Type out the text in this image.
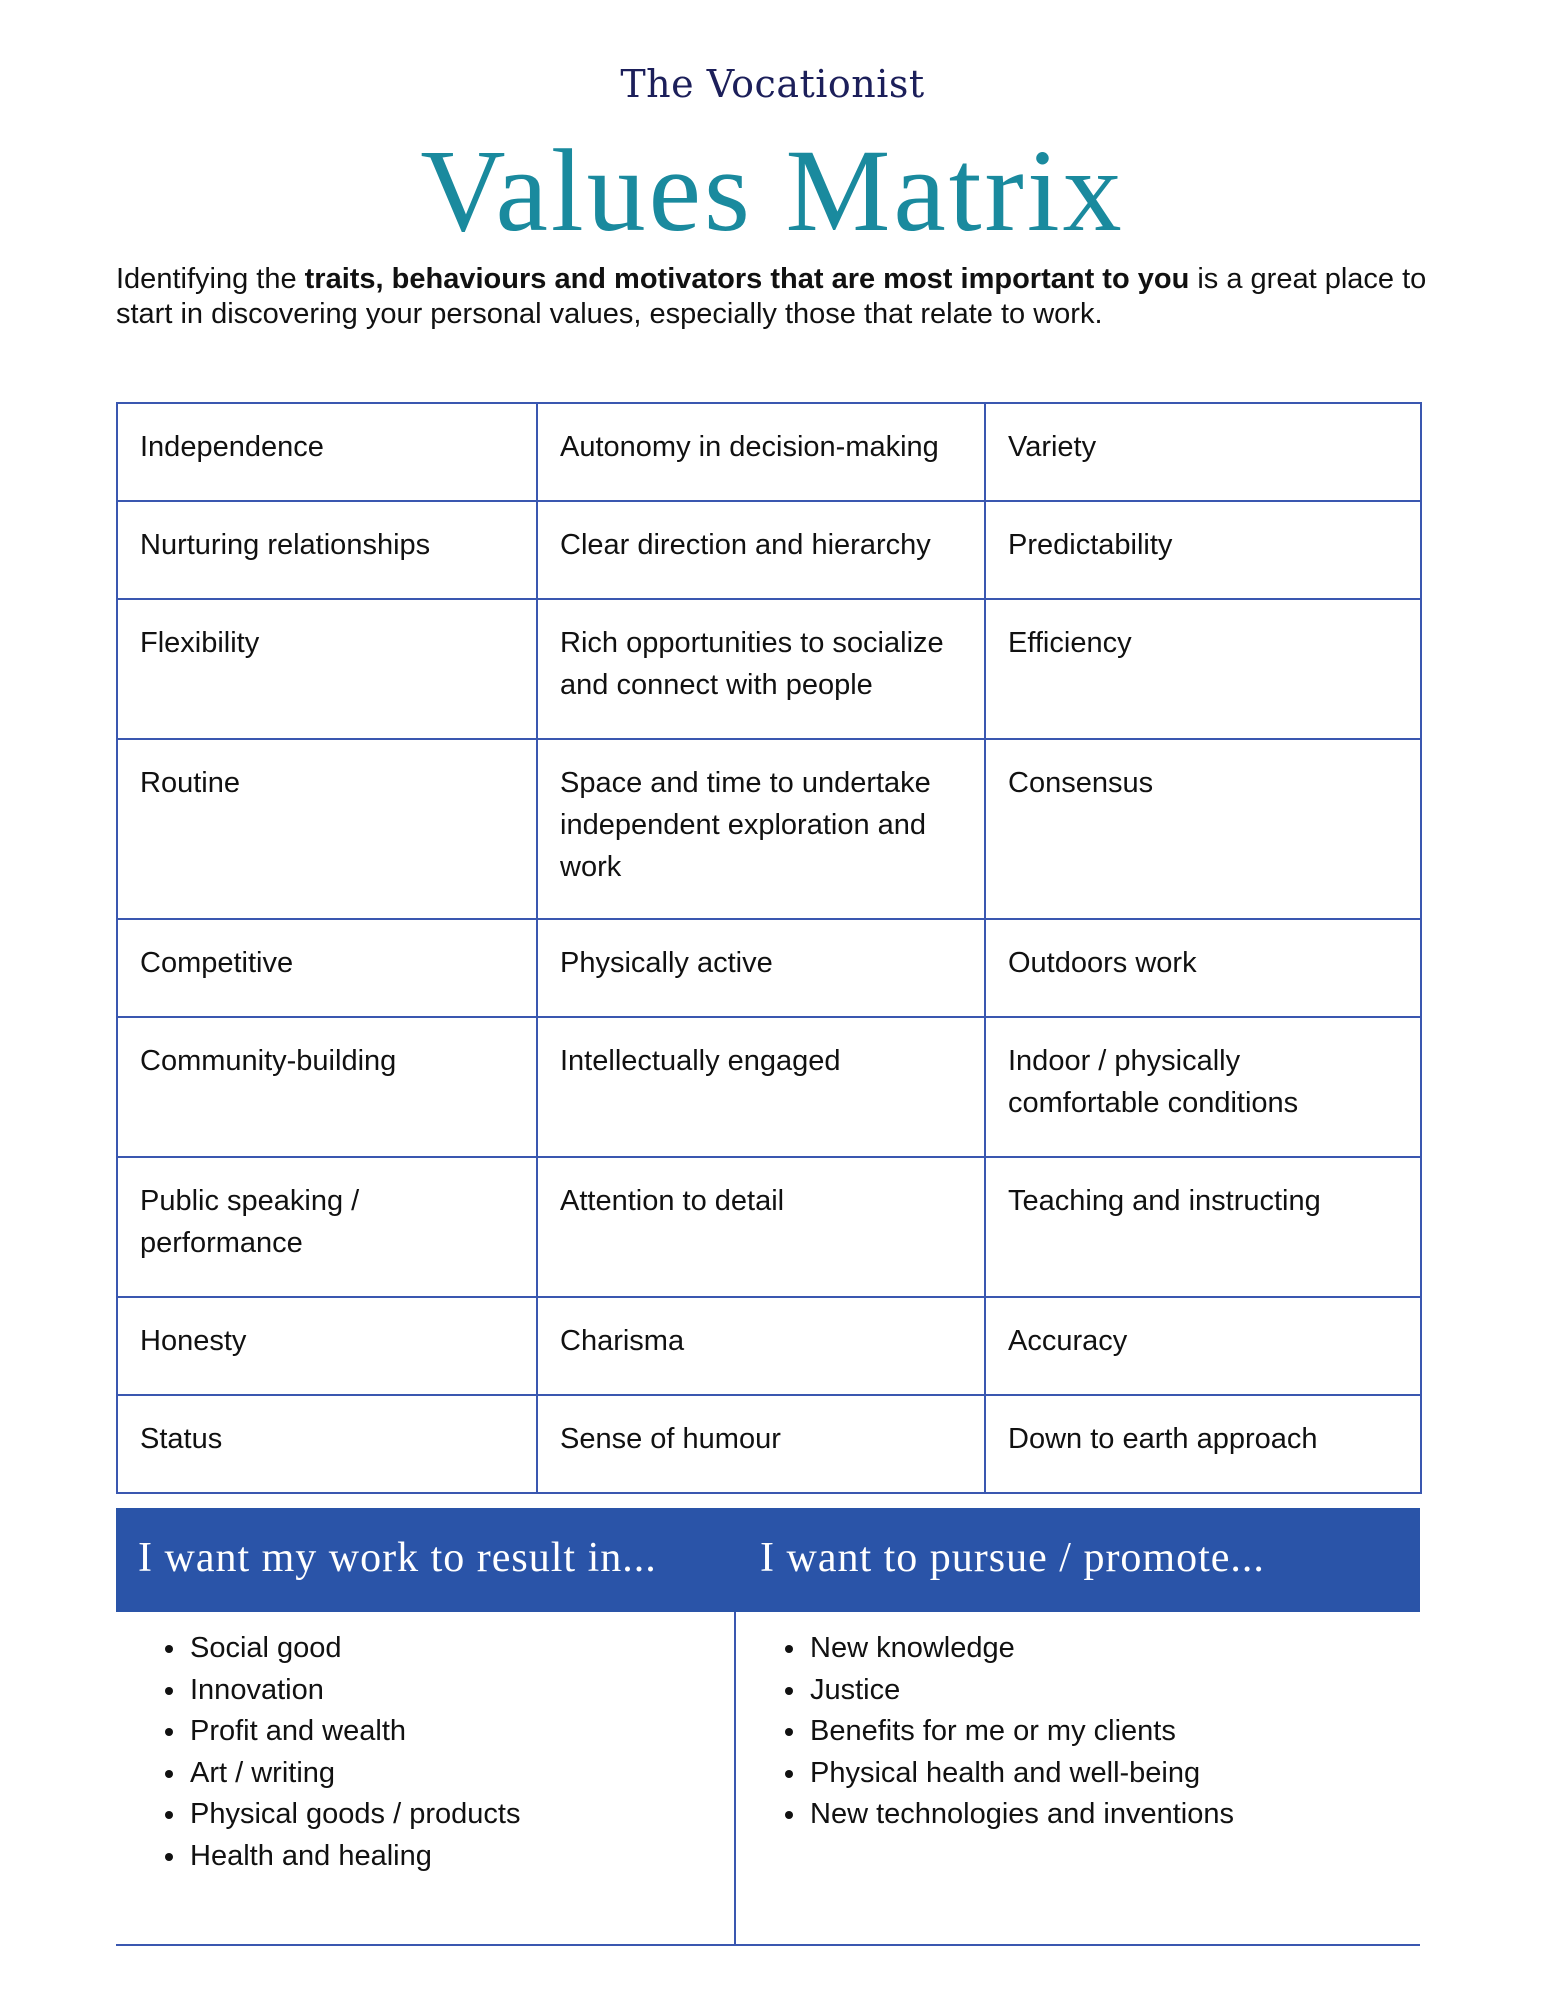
The Vocationist
Values Matrix

Identifying the traits, behaviours and motivators that are most important to you is a great place to start in discovering your personal values, especially those that relate to work.

Independence	Autonomy in decision-making	Variety
Nurturing relationships	Clear direction and hierarchy	Predictability
Flexibility	Rich opportunities to socialize and connect with people	Efficiency
Routine	Space and time to undertake independent exploration and work	Consensus
Competitive	Physically active	Outdoors work
Community-building	Intellectually engaged	Indoor / physically comfortable conditions
Public speaking / performance	Attention to detail	Teaching and instructing
Honesty	Charisma	Accuracy
Status	Sense of humour	Down to earth approach
I want my work to result in... I want to pursue / promote...
• Social good
• Innovation
• Profit and wealth
• Art / writing
• Physical goods / products
• Health and healing
• New knowledge
• Justice
• Benefits for me or my clients
• Physical health and well-being
• New technologies and inventions
